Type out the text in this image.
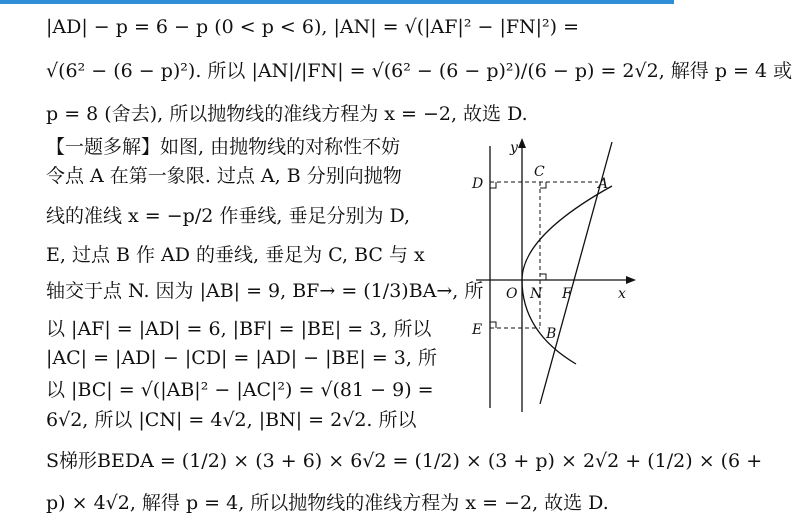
|AD| − p = 6 − p (0 < p < 6), |AN| = √(|AF|² − |FN|²) =
√(6² − (6 − p)²). 所以 |AN|/|FN| = √(6² − (6 − p)²)/(6 − p) = 2√2, 解得 p = 4 或
p = 8 (舍去), 所以抛物线的准线方程为 x = −2, 故选 D.
【一题多解】如图, 由抛物线的对称性不妨
令点 A 在第一象限. 过点 A, B 分别向抛物
线的准线 x = −p/2 作垂线, 垂足分别为 D,
E, 过点 B 作 AD 的垂线, 垂足为 C, BC 与 x
轴交于点 N. 因为 |AB| = 9, BF→ = (1/3)BA→, 所
以 |AF| = |AD| = 6, |BF| = |BE| = 3, 所以
|AC| = |AD| − |CD| = |AD| − |BE| = 3, 所
以 |BC| = √(|AB|² − |AC|²) = √(81 − 9) =
6√2, 所以 |CN| = 4√2, |BN| = 2√2. 所以
S梯形BEDA = (1/2) × (3 + 6) × 6√2 = (1/2) × (3 + p) × 2√2 + (1/2) × (6 +
p) × 4√2, 解得 p = 4, 所以抛物线的准线方程为 x = −2, 故选 D.
y
x
O N F
A
B
C
D
E
